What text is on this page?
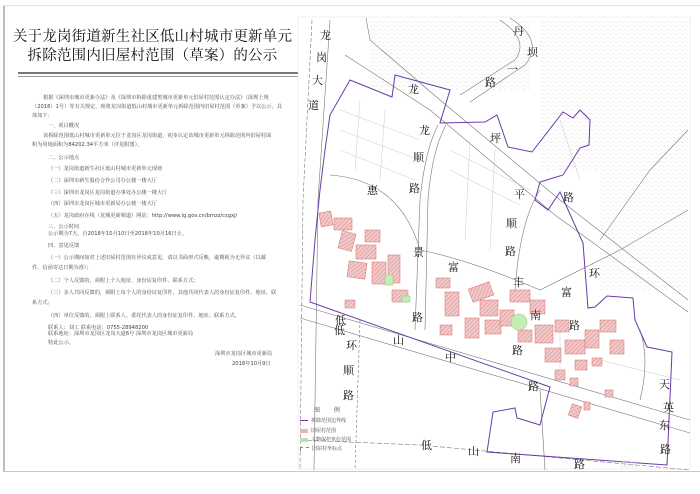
关于龙岗街道新生社区低山村城市更新单元
拆除范围内旧屋村范围（草案）的公示
根据《深圳市城市更新办法》及《深圳市拆除重建类城市更新单元旧屋村范围认定办法》（深规土规
（2018）1号）等有关规定，现将龙岗街道低山村城市更新单元拆除范围内旧屋村范围（草案）予以公示，具
体如下：
一、项目概况
该拆除范围低山村城市更新单元位于龙岗区龙岗街道，初步认定该城市更新单元拆除范围内旧屋村面
积为用地面积为84202.34平方米（详见附图）。
二、公示地点
（一）龙岗街道新生社区低山村城市更新单元现场
（二）深圳市新生股份合作公司办公楼一楼大厅
（三）深圳市龙岗区龙岗街道办事处办公楼一楼大厅
（四）深圳市龙岗区城市更新局办公楼一楼大厅
（五）龙岗政府在线（龙城更新频道）网站：http://www.lg.gov.cn/bmzz/csgxj/
三、公示时间
公示期为7天，自2018年10月10日至2018年10月16日止。
四、意见反馈
（一）公示期间如对上述旧屋村范围有异议或意见，请以书面形式反映，逾期视为无异议（以邮
件、信函寄达日期为准）；
（二）个人反馈的，须附上个人地址、身份证复印件、联系方式；
（三）多人共同反馈的，须附上每个人的身份证复印件，其他共同代表人的身份证复印件、地址、联
系方式；
（四）单位反馈的，须附上联系人、委托代表人的身份证复印件、地址、联系方式。
联系人：刘工 联系电话：0755-28948200
联系地址：深圳市龙岗区龙岗大道6号 深圳市龙岗区城市更新局
特此公示。
深圳市龙岗区城市更新局
2018年10月9日
龙
岗
大
道
丹
坝
一
路
龙
坪
龙
顺
路	平
顺
路
路
惠
景
路
富
丰
南
路
环
富
路
低
山
中
路
低
环
顺
路
天
英
东
路
低	山
南	路
图 例
拆除范围边界线
旧屋村范围
文物保护单位范围
旧屋村坐标点
深圳
